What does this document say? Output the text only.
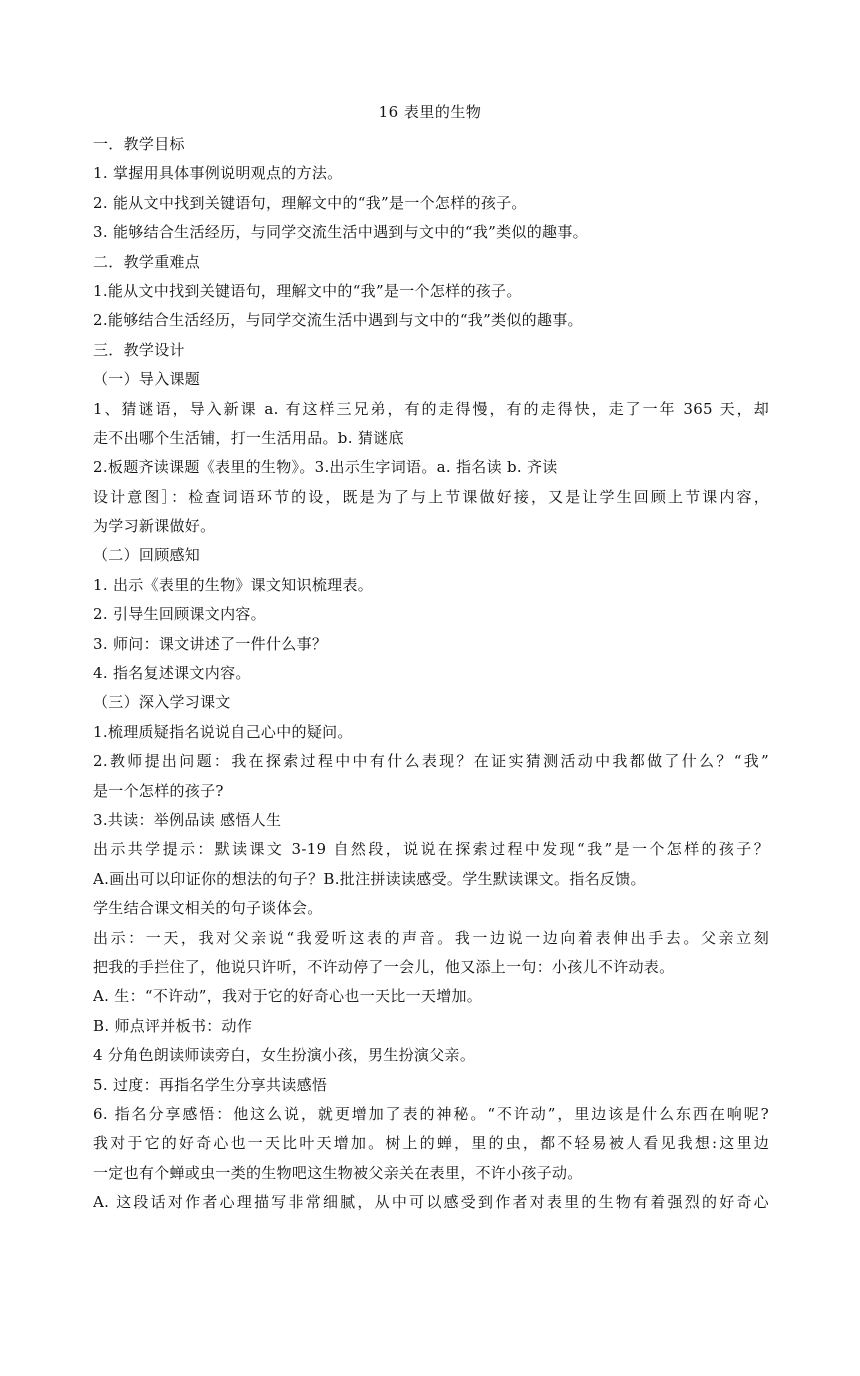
16 表里的生物
一．教学目标
1. 掌握用具体事例说明观点的方法。
2. 能从文中找到关键语句，理解文中的“我”是一个怎样的孩子。
3. 能够结合生活经历，与同学交流生活中遇到与文中的“我”类似的趣事。
二．教学重难点
1.能从文中找到关键语句，理解文中的“我”是一个怎样的孩子。
2.能够结合生活经历，与同学交流生活中遇到与文中的“我”类似的趣事。
三．教学设计
（一）导入课题
1、猜谜语，导入新课 a. 有这样三兄弟，有的走得慢，有的走得快，走了一年 365 天，却
走不出哪个生活铺，打一生活用品。b. 猜谜底
2.板题齐读课题《表里的生物》。3.出示生字词语。a. 指名读 b. 齐读
设计意图］：检查词语环节的设，既是为了与上节课做好接，又是让学生回顾上节课内容，
为学习新课做好。
（二）回顾感知
1. 出示《表里的生物》课文知识梳理表。
2. 引导生回顾课文内容。
3. 师问：课文讲述了一件什么事？
4. 指名复述课文内容。
（三）深入学习课文
1.梳理质疑指名说说自己心中的疑问。
2.教师提出问题：我在探索过程中中有什么表现？在证实猜测活动中我都做了什么？“我”
是一个怎样的孩子?
3.共读：举例品读 感悟人生
出示共学提示：默读课文 3-19 自然段，说说在探索过程中发现“我”是一个怎样的孩子？
A.画出可以印证你的想法的句子？B.批注拼读读感受。学生默读课文。指名反馈。
学生结合课文相关的句子谈体会。
出示：一天，我对父亲说“我爱听这表的声音。我一边说一边向着表伸出手去。父亲立刻
把我的手拦住了，他说只许听，不许动停了一会儿，他又添上一句：小孩儿不许动表。
A. 生：“不许动”，我对于它的好奇心也一天比一天增加。
B. 师点评并板书：动作
4 分角色朗读师读旁白，女生扮演小孩，男生扮演父亲。
5. 过度：再指名学生分享共读感悟
6. 指名分享感悟：他这么说，就更增加了表的神秘。“不许动”，里边该是什么东西在响呢?
我对于它的好奇心也一天比叶天增加。树上的蝉，里的虫，都不轻易被人看见我想:这里边
一定也有个蝉或虫一类的生物吧这生物被父亲关在表里，不许小孩子动。
A. 这段话对作者心理描写非常细腻，从中可以感受到作者对表里的生物有着强烈的好奇心
